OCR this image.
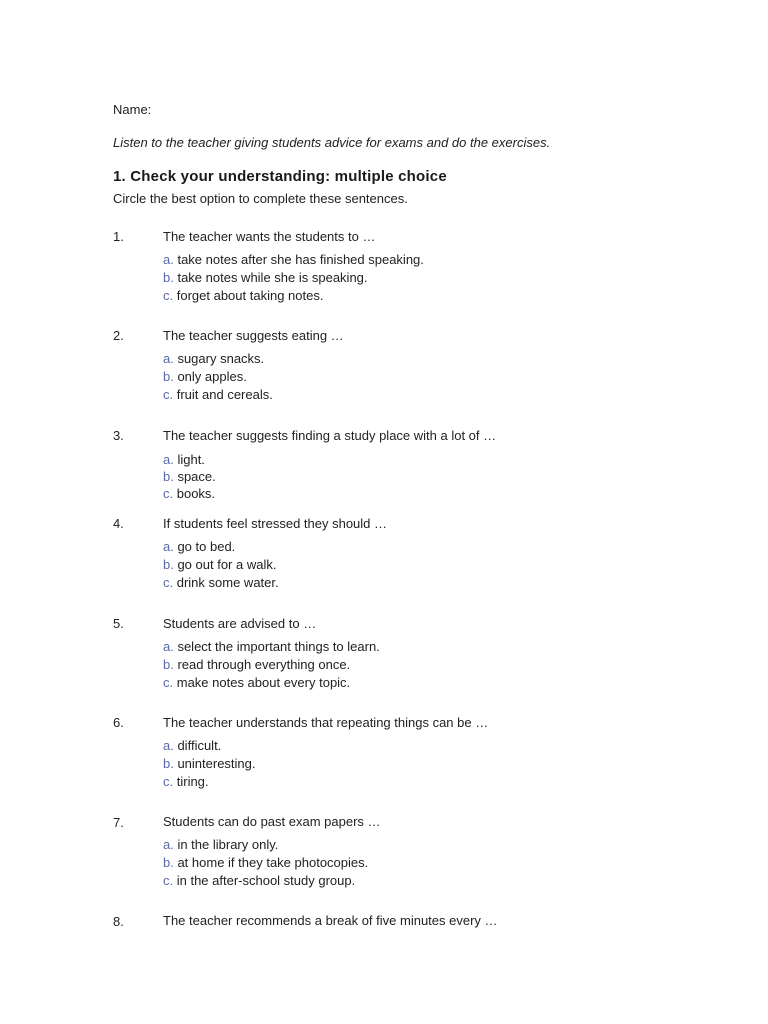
Name:
Listen to the teacher giving students advice for exams and do the exercises.
1. Check your understanding: multiple choice
Circle the best option to complete these sentences.
1.	The teacher wants the students to …
a. take notes after she has finished speaking.
b. take notes while she is speaking.
c. forget about taking notes.
2.	The teacher suggests eating …
a. sugary snacks.
b. only apples.
c. fruit and cereals.
3.	The teacher suggests finding a study place with a lot of …
a. light.
b. space.
c. books.
4.	If students feel stressed they should …
a. go to bed.
b. go out for a walk.
c. drink some water.
5.	Students are advised to …
a. select the important things to learn.
b. read through everything once.
c. make notes about every topic.
6.	The teacher understands that repeating things can be …
a. difficult.
b. uninteresting.
c. tiring.
7.	Students can do past exam papers …
a. in the library only.
b. at home if they take photocopies.
c. in the after-school study group.
8.	The teacher recommends a break of five minutes every …
